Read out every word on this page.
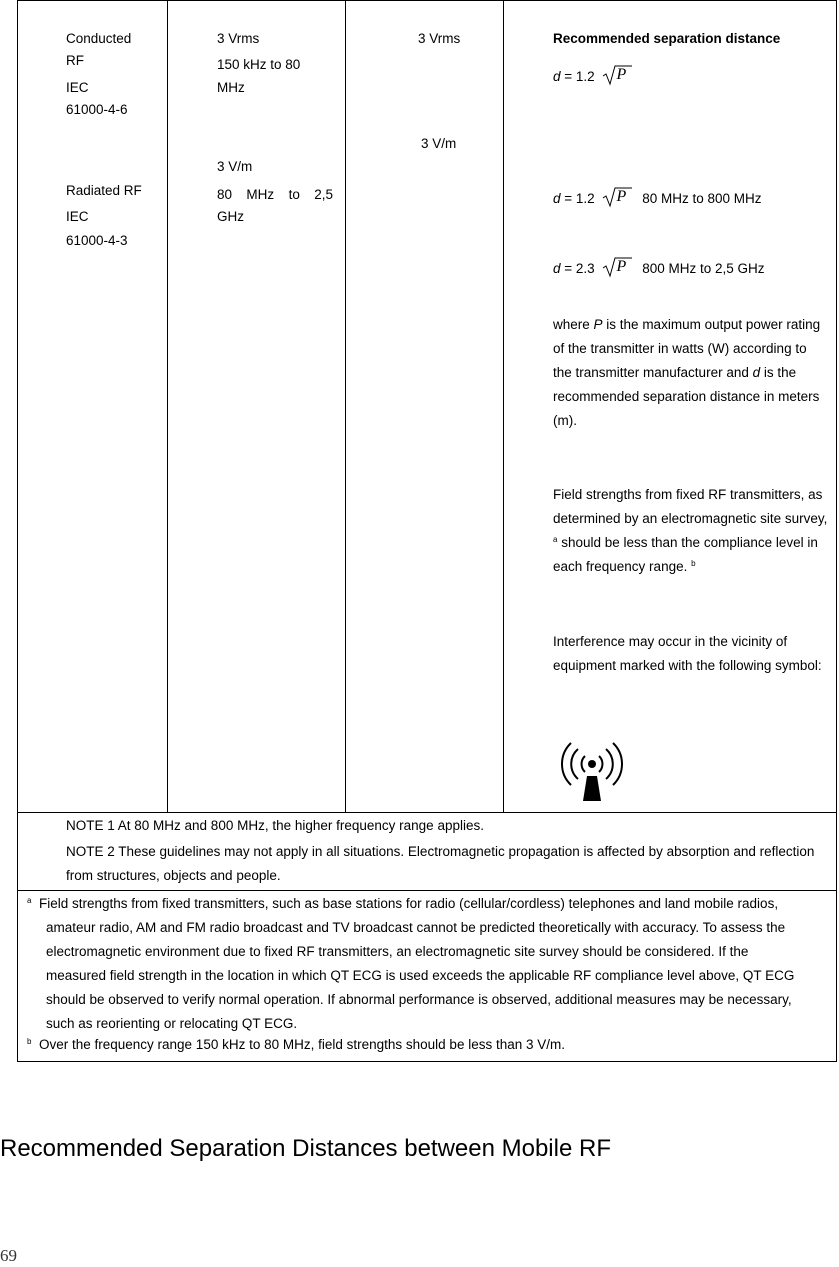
Conducted
RF
IEC
61000-4-6
Radiated RF
IEC
61000-4-3
3 Vrms
150 kHz to 80
MHz
3 V/m
80 MHz to 2,5
GHz
3 Vrms
3 V/m
Recommended separation distance
d = 1.2 P
d = 1.2 P 80 MHz to 800 MHz
d = 2.3 P 800 MHz to 2,5 GHz
where P is the maximum output power rating of the transmitter in watts (W) according to the transmitter manufacturer and d is the recommended separation distance in meters (m).
Field strengths from fixed RF transmitters, as determined by an electromagnetic site survey, $^a$ should be less than the compliance level in each frequency range. $^b$
Interference may occur in the vicinity of equipment marked with the following symbol:
NOTE 1 At 80 MHz and 800 MHz, the higher frequency range applies.
NOTE 2 These guidelines may not apply in all situations. Electromagnetic propagation is affected by absorption and reflection from structures, objects and people.
$^a$ Field strengths from fixed transmitters, such as base stations for radio (cellular/cordless) telephones and land mobile radios, amateur radio, AM and FM radio broadcast and TV broadcast cannot be predicted theoretically with accuracy. To assess the electromagnetic environment due to fixed RF transmitters, an electromagnetic site survey should be considered. If the measured field strength in the location in which QT ECG is used exceeds the applicable RF compliance level above, QT ECG should be observed to verify normal operation. If abnormal performance is observed, additional measures may be necessary, such as reorienting or relocating QT ECG.
$^b$ Over the frequency range 150 kHz to 80 MHz, field strengths should be less than 3 V/m.
Recommended Separation Distances between Mobile RF
69
